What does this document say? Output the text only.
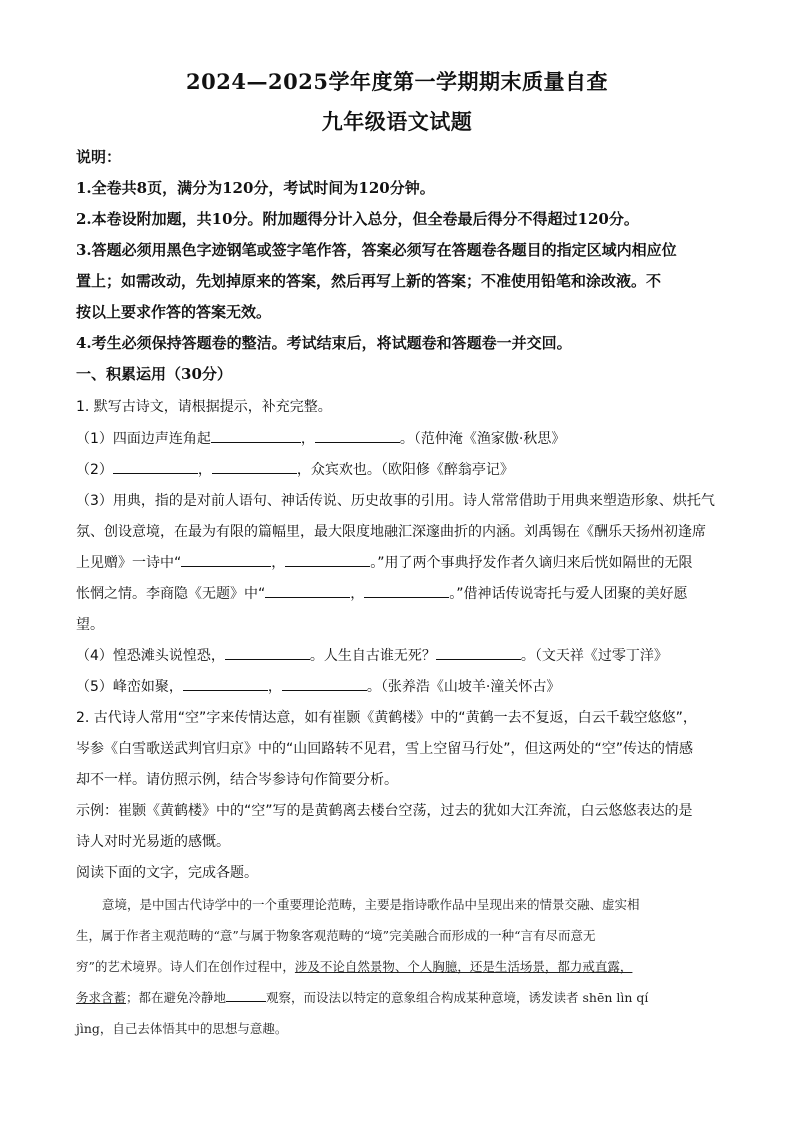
2024—2025学年度第一学期期末质量自查
九年级语文试题
说明：
1.全卷共8页，满分为120分，考试时间为120分钟。
2.本卷设附加题，共10分。附加题得分计入总分，但全卷最后得分不得超过120分。
3.答题必须用黑色字迹钢笔或签字笔作答，答案必须写在答题卷各题目的指定区域内相应位
置上；如需改动，先划掉原来的答案，然后再写上新的答案；不准使用铅笔和涂改液。不
按以上要求作答的答案无效。
4.考生必须保持答题卷的整洁。考试结束后，将试题卷和答题卷一并交回。
一、积累运用（30分）
1. 默写古诗文，请根据提示，补充完整。
（1）四面边声连角起	，	。（范仲淹《渔家傲·秋思》
（2）	，	，众宾欢也。（欧阳修《醉翁亭记》
（3）用典，指的是对前人语句、神话传说、历史故事的引用。诗人常常借助于用典来塑造形象、烘托气
氛、创设意境，在最为有限的篇幅里，最大限度地融汇深邃曲折的内涵。刘禹锡在《酬乐天扬州初逢席
上见赠》一诗中“	，	。”用了两个事典抒发作者久谪归来后恍如隔世的无限
怅惘之情。李商隐《无题》中“	，	。”借神话传说寄托与爱人团聚的美好愿
望。
（4）惶恐滩头说惶恐，	。人生自古谁无死？	。（文天祥《过零丁洋》
（5）峰峦如聚，	，	。（张养浩《山坡羊·潼关怀古》
2. 古代诗人常用“空”字来传情达意，如有崔颢《黄鹤楼》中的“黄鹤一去不复返，白云千载空悠悠”，
岑参《白雪歌送武判官归京》中的“山回路转不见君，雪上空留马行处”，但这两处的“空”传达的情感
却不一样。请仿照示例，结合岑参诗句作简要分析。
示例：崔颢《黄鹤楼》中的“空”写的是黄鹤离去楼台空荡，过去的犹如大江奔流，白云悠悠表达的是
诗人对时光易逝的感慨。
阅读下面的文字，完成各题。
意境，是中国古代诗学中的一个重要理论范畴，主要是指诗歌作品中呈现出来的情景交融、虚实相
生，属于作者主观范畴的“意”与属于物象客观范畴的“境”完美融合而形成的一种“言有尽而意无
穷”的艺术境界。诗人们在创作过程中，涉及不论自然景物、个人胸臆，还是生活场景，都力戒直露，
务求含蓄；都在避免冷静地	观察，而设法以特定的意象组合构成某种意境，诱发读者 shēn lìn qí
jìng，自己去体悟其中的思想与意趣。
